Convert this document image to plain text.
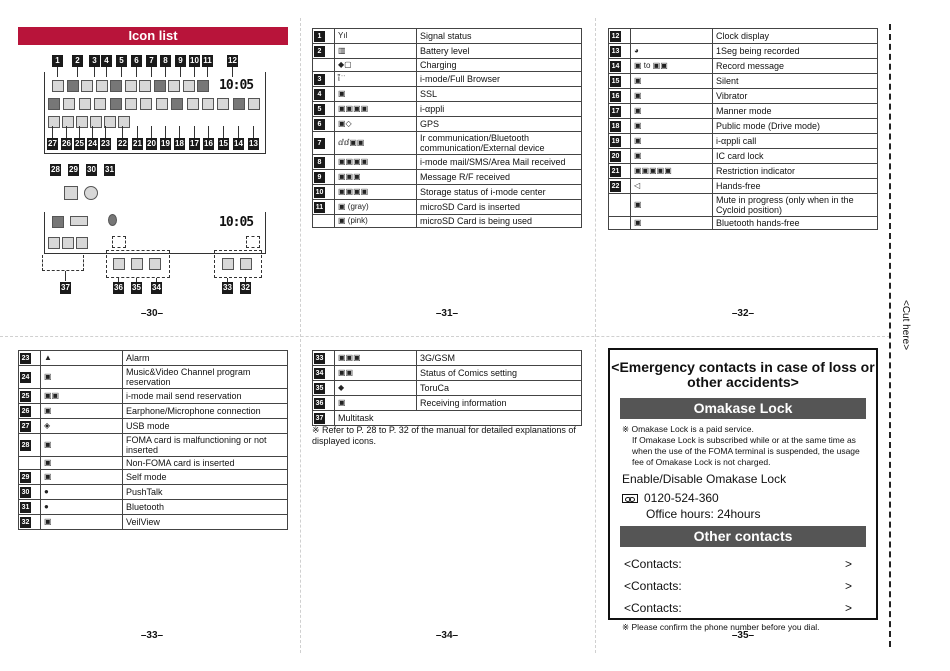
<Cut here>
Icon list
1	2	3 4	5	6	7	8	9 10 11 12
10:05
27 26 25 24 23 22 21 20 19 18 17 16 15 14 13
28 29 30 31
10:05
37	36 35 34	33 32
–30–
1	Yıl	Signal status
2	▥	Battery level
	◆▢	Charging
3	ῗ ̇ ̇	i-mode/Full Browser
4	▣	SSL
5	▣▣▣▣	i-αppli
6	▣◇	GPS
7	ⅆⅆ▣▣	Ir communication/Bluetooth communication/External device
8	▣▣▣▣	i-mode mail/SMS/Area Mail received
9	▣▣▣	Message R/F received
10	▣▣▣▣	Storage status of i-mode center
11	▣ (gray)	microSD Card is inserted
	▣ (pink)	microSD Card is being used
–31–
12		Clock display
13	◕	1Seg being recorded
14	▣ to ▣▣	Record message
15	▣	Silent
16	▣	Vibrator
17	▣	Manner mode
18	▣	Public mode (Drive mode)
19	▣	i-αppli call
20	▣	IC card lock
21	▣▣▣▣▣	Restriction indicator
22	◁	Hands-free
	▣	Mute in progress (only when in the Cycloid position)
	▣	Bluetooth hands-free
–32–
23	▲	Alarm
24	▣	Music&Video Channel program reservation
25	▣▣	i-mode mail send reservation
26	▣	Earphone/Microphone connection
27	◈	USB mode
28	▣	FOMA card is malfunctioning or not inserted
	▣	Non-FOMA card is inserted
29	▣	Self mode
30	●	PushTalk
31	●	Bluetooth
32	▣	VeilView
–33–
33	▣▣▣	3G/GSM
34	▣▣	Status of Comics setting
35	◆	ToruCa
36	▣	Receiving information
37	Multitask	
※ Refer to P. 28 to P. 32 of the manual for detailed explanations of displayed icons.
–34–
<Emergency contacts in case of loss or other accidents>
Omakase Lock
※ Omakase Lock is a paid service.
If Omakase Lock is subscribed while or at the same time as when the use of the FOMA terminal is suspended, the usage fee of Omakase Lock is not charged.
Enable/Disable Omakase Lock
0120-524-360
Office hours: 24hours
Other contacts
<Contacts:	>
<Contacts:	>
<Contacts:	>
※ Please confirm the phone number before you dial.
–35–
